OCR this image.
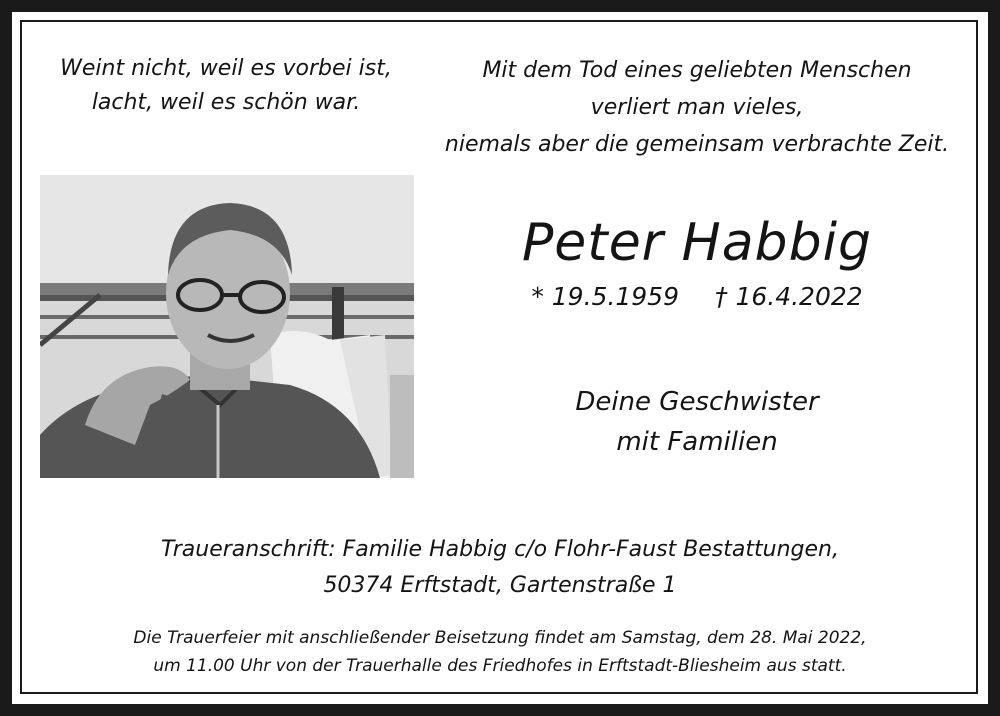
Weint nicht, weil es vorbei ist,
lacht, weil es schön war.
Mit dem Tod eines geliebten Menschen
verliert man vieles,
niemals aber die gemeinsam verbrachte Zeit.
Peter Habbig
* 19.5.1959 † 16.4.2022
Deine Geschwister
mit Familien
Traueranschrift: Familie Habbig c/o Flohr-Faust Bestattungen,
50374 Erftstadt, Gartenstraße 1
Die Trauerfeier mit anschließender Beisetzung findet am Samstag, dem 28. Mai 2022,
um 11.00 Uhr von der Trauerhalle des Friedhofes in Erftstadt-Bliesheim aus statt.
